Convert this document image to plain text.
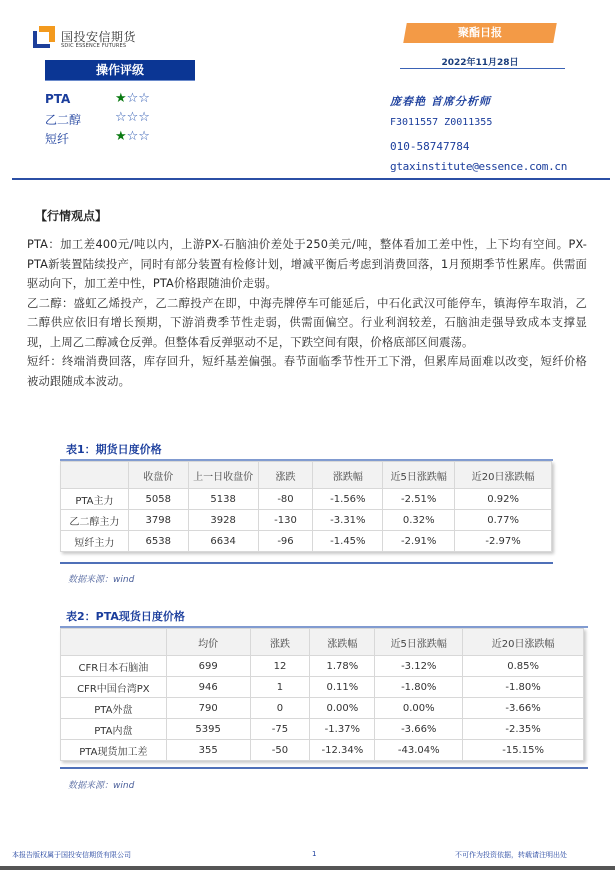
国投安信期货
SDIC ESSENCE FUTURES
操作评级
PTA	★☆☆
乙二醇	☆☆☆
短纤	★☆☆
聚酯日报
2022年11月28日
庞春艳 首席分析师
F3011557 Z0011355
010-58747784
gtaxinstitute@essence.com.cn
【行情观点】

PTA：加工差400元/吨以内，上游PX-石脑油价差处于250美元/吨，整体看加工差中性，上下均有空间。PX-PTA新装置陆续投产，同时有部分装置有检修计划，增减平衡后考虑到消费回落，1月预期季节性累库。供需面驱动向下，加工差中性，PTA价格跟随油价走弱。

乙二醇：盛虹乙烯投产，乙二醇投产在即，中海壳牌停车可能延后，中石化武汉可能停车，镇海停车取消，乙二醇供应依旧有增长预期，下游消费季节性走弱，供需面偏空。行业利润较差，石脑油走强导致成本支撑显现，上周乙二醇减仓反弹。但整体看反弹驱动不足，下跌空间有限，价格底部区间震荡。

短纤：终端消费回落，库存回升，短纤基差偏强。春节面临季节性开工下滑，但累库局面难以改变，短纤价格被动跟随成本波动。

表1：期货日度价格
	收盘价	上一日收盘价	涨跌	涨跌幅	近5日涨跌幅	近20日涨跌幅
PTA主力	5058	5138	-80	-1.56%	-2.51%	0.92%
乙二醇主力	3798	3928	-130	-3.31%	0.32%	0.77%
短纤主力	6538	6634	-96	-1.45%	-2.91%	-2.97%
数据来源：wind
表2：PTA现货日度价格
	均价	涨跌	涨跌幅	近5日涨跌幅	近20日涨跌幅
CFR日本石脑油	699	12	1.78%	-3.12%	0.85%
CFR中国台湾PX	946	1	0.11%	-1.80%	-1.80%
PTA外盘	790	0	0.00%	0.00%	-3.66%
PTA内盘	5395	-75	-1.37%	-3.66%	-2.35%
PTA现货加工差	355	-50	-12.34%	-43.04%	-15.15%
数据来源：wind
本报告版权属于国投安信期货有限公司	1	不可作为投资依据，转载请注明出处
